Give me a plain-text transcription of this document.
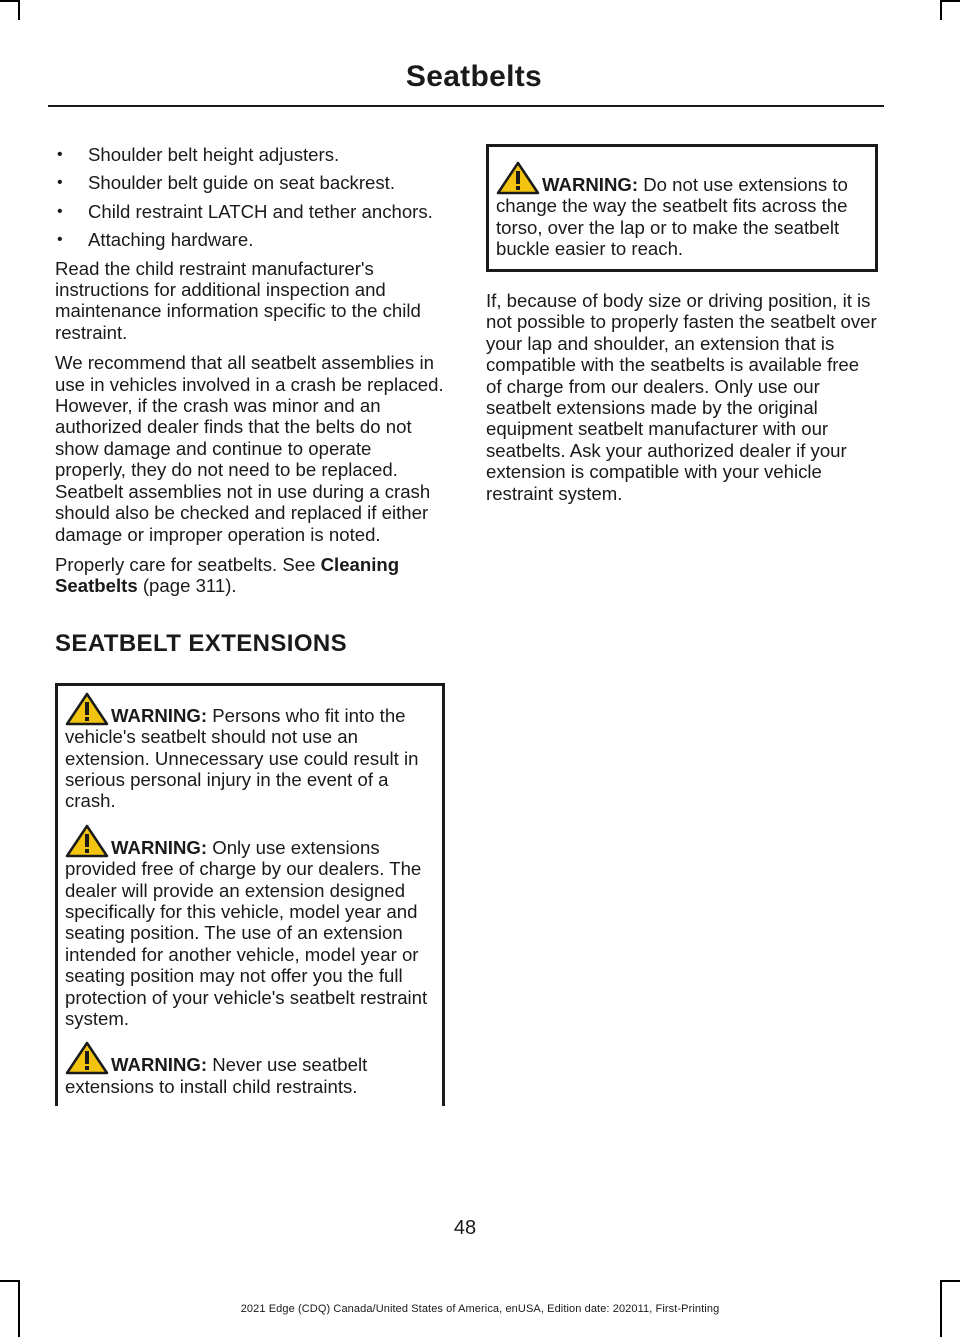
Seatbelts
• Shoulder belt height adjusters.
• Shoulder belt guide on seat backrest.
• Child restraint LATCH and tether anchors.
• Attaching hardware.

Read the child restraint manufacturer's instructions for additional inspection and maintenance information specific to the child restraint.

We recommend that all seatbelt assemblies in use in vehicles involved in a crash be replaced. However, if the crash was minor and an authorized dealer finds that the belts do not show damage and continue to operate properly, they do not need to be replaced. Seatbelt assemblies not in use during a crash should also be checked and replaced if either damage or improper operation is noted.

Properly care for seatbelts. See Cleaning Seatbelts (page 311).

SEATBELT EXTENSIONS
WARNING: Persons who fit into the vehicle's seatbelt should not use an extension. Unnecessary use could result in serious personal injury in the event of a crash.
WARNING: Only use extensions provided free of charge by our dealers. The dealer will provide an extension designed specifically for this vehicle, model year and seating position. The use of an extension intended for another vehicle, model year or seating position may not offer you the full protection of your vehicle's seatbelt restraint system.
WARNING: Never use seatbelt extensions to install child restraints.
WARNING: Do not use extensions to change the way the seatbelt fits across the torso, over the lap or to make the seatbelt buckle easier to reach.

If, because of body size or driving position, it is not possible to properly fasten the seatbelt over your lap and shoulder, an extension that is compatible with the seatbelts is available free of charge from our dealers. Only use our seatbelt extensions made by the original equipment seatbelt manufacturer with our seatbelts. Ask your authorized dealer if your extension is compatible with your vehicle restraint system.

48
2021 Edge (CDQ) Canada/United States of America, enUSA, Edition date: 202011, First-Printing
